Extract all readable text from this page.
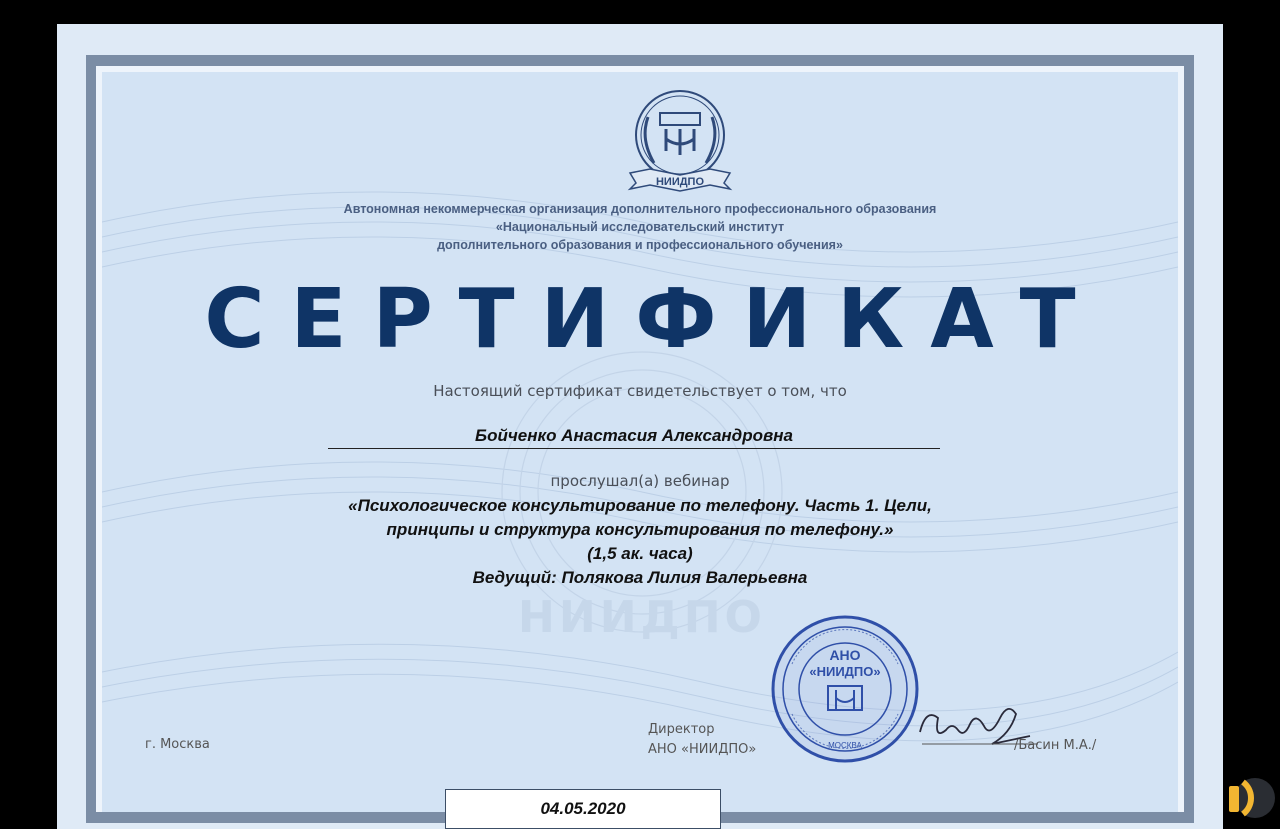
НИИДПО
НИИДПО
Автономная некоммерческая организация дополнительного профессионального образования
«Национальный исследовательский институт
дополнительного образования и профессионального обучения»
СЕРТИФИКАТ
Настоящий сертификат свидетельствует о том, что
Бойченко Анастасия Александровна
прослушал(а) вебинар
«Психологическое консультирование по телефону. Часть 1. Цели,
принципы и структура консультирования по телефону.»
(1,5 ак. часа)
Ведущий: Полякова Лилия Валерьевна
г. Москва
Директор
АНО «НИИДПО»
АНО
«НИИДПО»
МОСКВА	/Басин М.А./
04.05.2020
